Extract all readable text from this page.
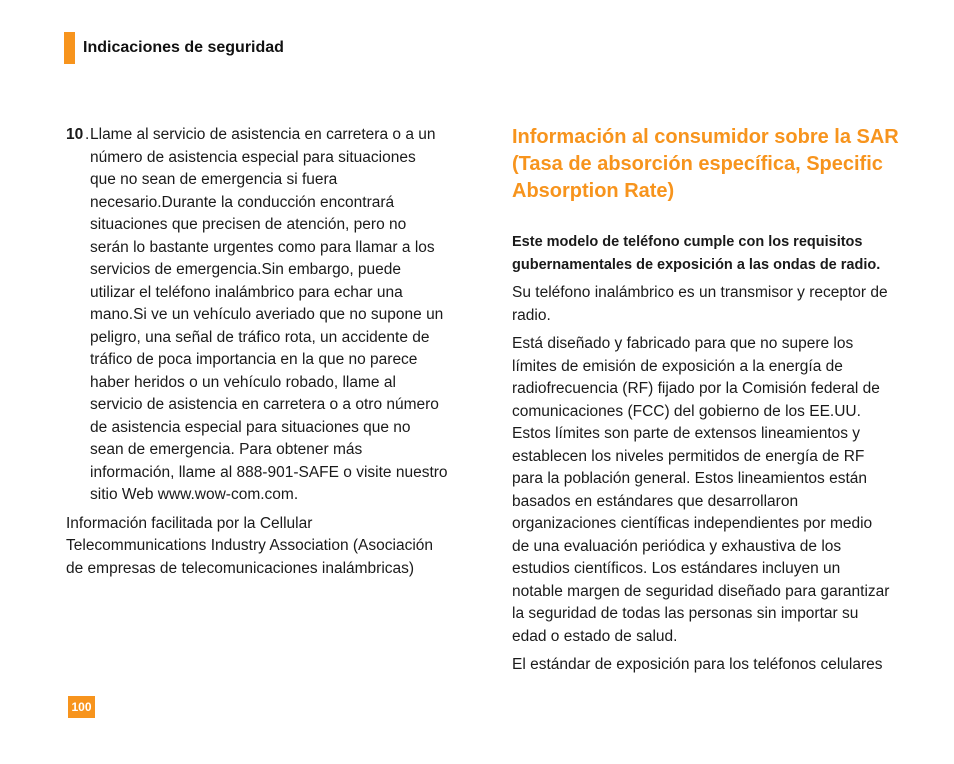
Indicaciones de seguridad
10 . Llame al servicio de asistencia en carretera o a un
número de asistencia especial para situaciones
que no sean de emergencia si fuera
necesario.Durante la conducción encontrará
situaciones que precisen de atención, pero no
serán lo bastante urgentes como para llamar a los
servicios de emergencia.Sin embargo, puede
utilizar el teléfono inalámbrico para echar una
mano.Si ve un vehículo averiado que no supone un
peligro, una señal de tráfico rota, un accidente de
tráfico de poca importancia en la que no parece
haber heridos o un vehículo robado, llame al
servicio de asistencia en carretera o a otro número
de asistencia especial para situaciones que no
sean de emergencia. Para obtener más
información, llame al 888-901-SAFE o visite nuestro
sitio Web www.wow-com.com.
Información facilitada por la Cellular
Telecommunications Industry Association (Asociación
de empresas de telecomunicaciones inalámbricas)
Información al consumidor sobre la SAR
(Tasa de absorción específica, Specific
Absorption Rate)
Este modelo de teléfono cumple con los requisitos
gubernamentales de exposición a las ondas de radio.
Su teléfono inalámbrico es un transmisor y receptor de
radio.
Está diseñado y fabricado para que no supere los
límites de emisión de exposición a la energía de
radiofrecuencia (RF) fijado por la Comisión federal de
comunicaciones (FCC) del gobierno de los EE.UU.
Estos límites son parte de extensos lineamientos y
establecen los niveles permitidos de energía de RF
para la población general. Estos lineamientos están
basados en estándares que desarrollaron
organizaciones científicas independientes por medio
de una evaluación periódica y exhaustiva de los
estudios científicos. Los estándares incluyen un
notable margen de seguridad diseñado para garantizar
la seguridad de todas las personas sin importar su
edad o estado de salud.
El estándar de exposición para los teléfonos celulares
100
